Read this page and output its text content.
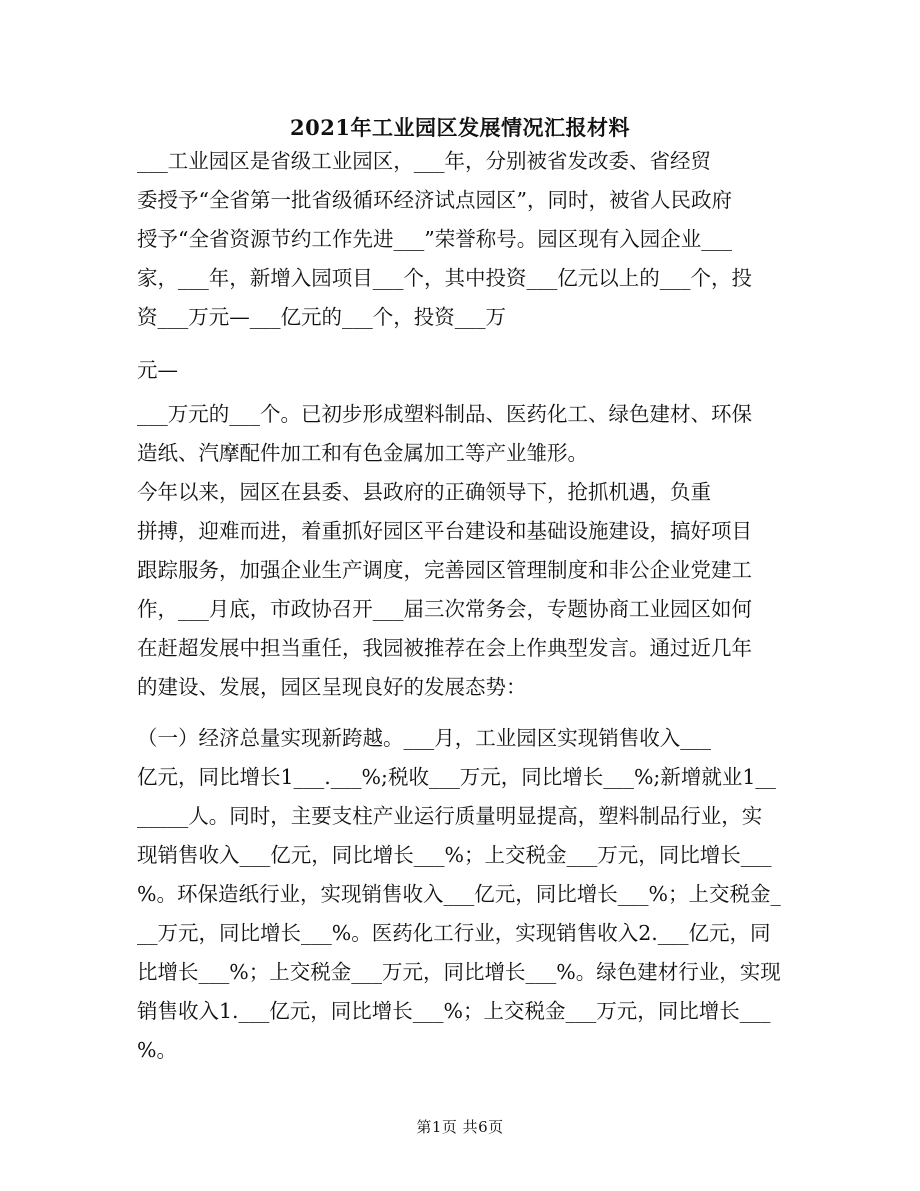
2021年工业园区发展情况汇报材料
___工业园区是省级工业园区，___年，分别被省发改委、省经贸
委授予“全省第一批省级循环经济试点园区”，同时，被省人民政府
授予“全省资源节约工作先进___”荣誉称号。园区现有入园企业___
家，___年，新增入园项目___个，其中投资___亿元以上的___个，投
资___万元—___亿元的___个，投资___万
元—
___万元的___个。已初步形成塑料制品、医药化工、绿色建材、环保
造纸、汽摩配件加工和有色金属加工等产业雏形。
今年以来，园区在县委、县政府的正确领导下，抢抓机遇，负重
拼搏，迎难而进，着重抓好园区平台建设和基础设施建设，搞好项目
跟踪服务，加强企业生产调度，完善园区管理制度和非公企业党建工
作，___月底，市政协召开___届三次常务会，专题协商工业园区如何
在赶超发展中担当重任，我园被推荐在会上作典型发言。通过近几年
的建设、发展，园区呈现良好的发展态势：
（一）经济总量实现新跨越。___月，工业园区实现销售收入___
亿元，同比增长1___.___%;税收___万元，同比增长___%;新增就业1__
_____人。同时，主要支柱产业运行质量明显提高，塑料制品行业，实
现销售收入___亿元，同比增长___%；上交税金___万元，同比增长___
%。环保造纸行业，实现销售收入___亿元，同比增长___%；上交税金_
__万元，同比增长___%。医药化工行业，实现销售收入2.___亿元，同
比增长___%；上交税金___万元，同比增长___%。绿色建材行业，实现
销售收入1.___亿元，同比增长___%；上交税金___万元，同比增长___
%。
第1页 共6页
